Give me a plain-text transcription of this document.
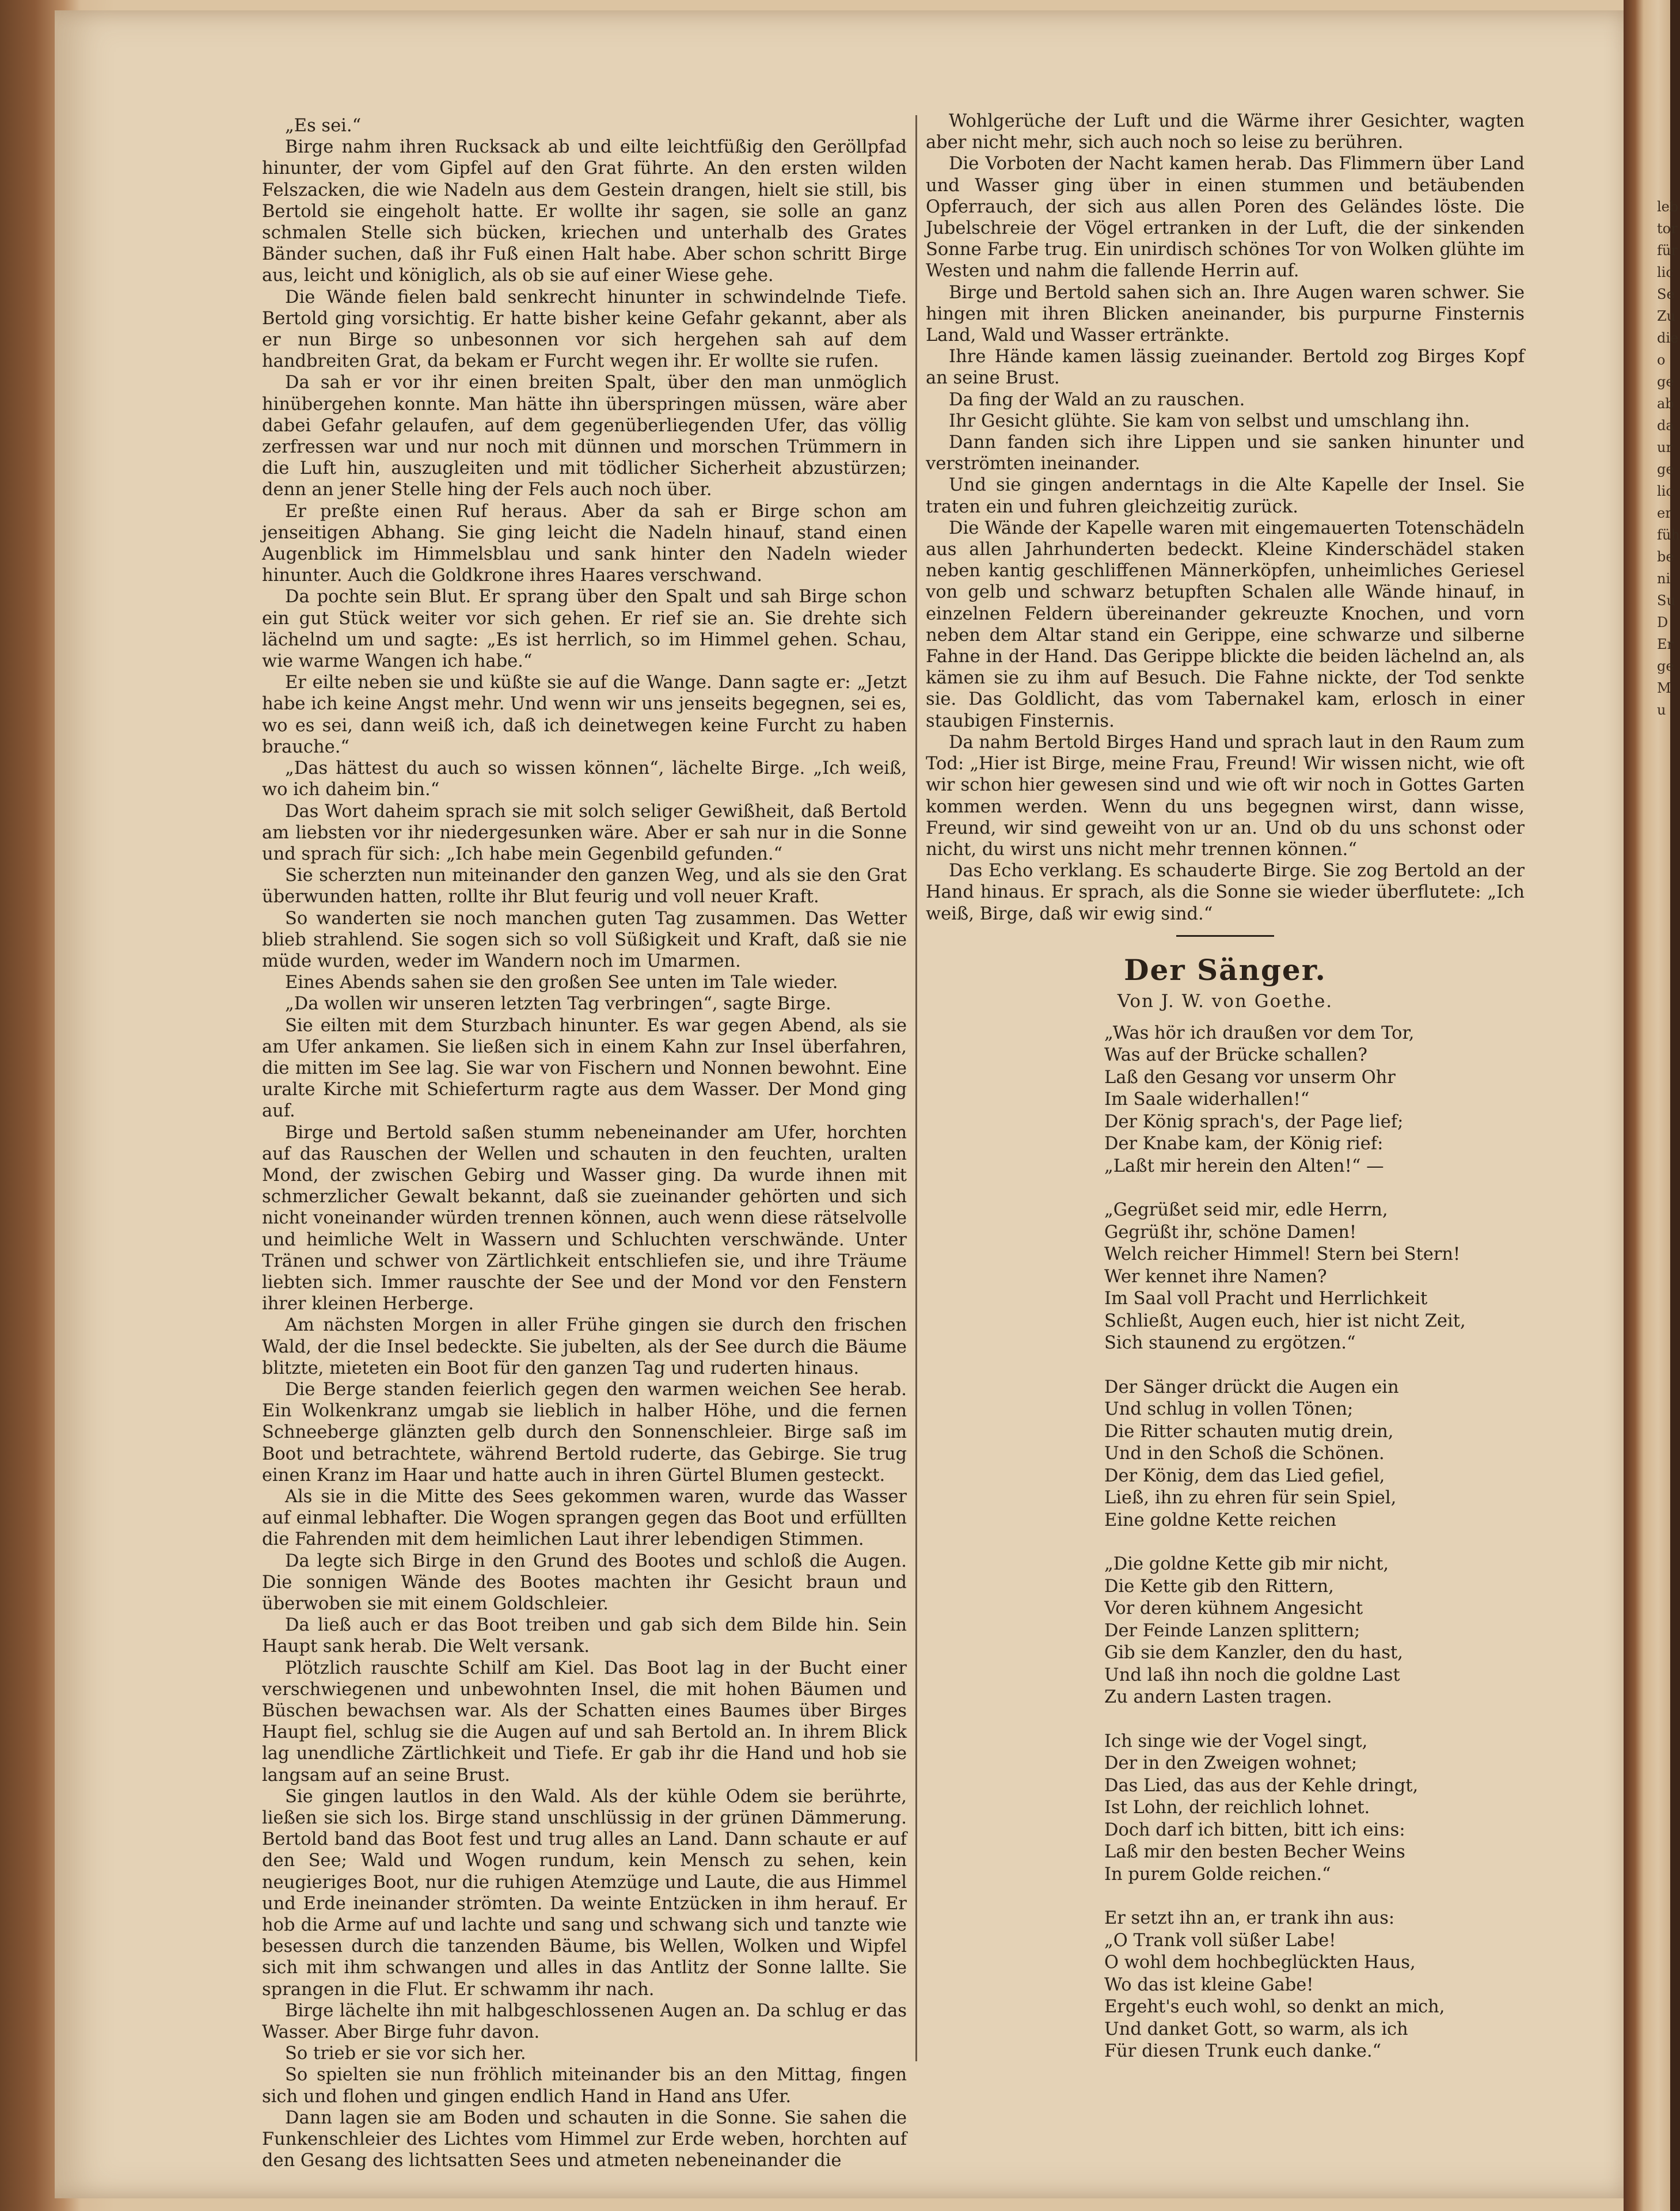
leb
tor
für
lic
Se
Zu
die
o
ge
ab
da
ur
ge
lic
er
füh
be
ni
Su
D
Er
ge
M
u

„Es sei.“

Birge nahm ihren Rucksack ab und eilte leichtfüßig den Geröllpfad hinunter, der vom Gipfel auf den Grat führte. An den ersten wilden Felszacken, die wie Nadeln aus dem Gestein drangen, hielt sie still, bis Bertold sie eingeholt hatte. Er wollte ihr sagen, sie solle an ganz schmalen Stelle sich bücken, kriechen und unterhalb des Grates Bänder suchen, daß ihr Fuß einen Halt habe. Aber schon schritt Birge aus, leicht und königlich, als ob sie auf einer Wiese gehe.

Die Wände fielen bald senkrecht hinunter in schwindelnde Tiefe. Bertold ging vorsichtig. Er hatte bisher keine Gefahr gekannt, aber als er nun Birge so unbesonnen vor sich hergehen sah auf dem handbreiten Grat, da bekam er Furcht wegen ihr. Er wollte sie rufen.

Da sah er vor ihr einen breiten Spalt, über den man unmöglich hinübergehen konnte. Man hätte ihn überspringen müssen, wäre aber dabei Gefahr gelaufen, auf dem gegenüberliegenden Ufer, das völlig zerfressen war und nur noch mit dünnen und morschen Trümmern in die Luft hin, auszugleiten und mit tödlicher Sicherheit abzustürzen; denn an jener Stelle hing der Fels auch noch über.

Er preßte einen Ruf heraus. Aber da sah er Birge schon am jenseitigen Abhang. Sie ging leicht die Nadeln hinauf, stand einen Augenblick im Himmelsblau und sank hinter den Nadeln wieder hinunter. Auch die Goldkrone ihres Haares verschwand.

Da pochte sein Blut. Er sprang über den Spalt und sah Birge schon ein gut Stück weiter vor sich gehen. Er rief sie an. Sie drehte sich lächelnd um und sagte: „Es ist herrlich, so im Himmel gehen. Schau, wie warme Wangen ich habe.“

Er eilte neben sie und küßte sie auf die Wange. Dann sagte er: „Jetzt habe ich keine Angst mehr. Und wenn wir uns jenseits begegnen, sei es, wo es sei, dann weiß ich, daß ich deinetwegen keine Furcht zu haben brauche.“

„Das hättest du auch so wissen können“, lächelte Birge. „Ich weiß, wo ich daheim bin.“

Das Wort daheim sprach sie mit solch seliger Gewißheit, daß Bertold am liebsten vor ihr niedergesunken wäre. Aber er sah nur in die Sonne und sprach für sich: „Ich habe mein Gegenbild gefunden.“

Sie scherzten nun miteinander den ganzen Weg, und als sie den Grat überwunden hatten, rollte ihr Blut feurig und voll neuer Kraft.

So wanderten sie noch manchen guten Tag zusammen. Das Wetter blieb strahlend. Sie sogen sich so voll Süßigkeit und Kraft, daß sie nie müde wurden, weder im Wandern noch im Umarmen.

Eines Abends sahen sie den großen See unten im Tale wieder.

„Da wollen wir unseren letzten Tag verbringen“, sagte Birge.

Sie eilten mit dem Sturzbach hinunter. Es war gegen Abend, als sie am Ufer ankamen. Sie ließen sich in einem Kahn zur Insel überfahren, die mitten im See lag. Sie war von Fischern und Nonnen bewohnt. Eine uralte Kirche mit Schieferturm ragte aus dem Wasser. Der Mond ging auf.

Birge und Bertold saßen stumm nebeneinander am Ufer, horchten auf das Rauschen der Wellen und schauten in den feuchten, uralten Mond, der zwischen Gebirg und Wasser ging. Da wurde ihnen mit schmerzlicher Gewalt bekannt, daß sie zueinander gehörten und sich nicht voneinander würden trennen können, auch wenn diese rätselvolle und heimliche Welt in Wassern und Schluchten verschwände. Unter Tränen und schwer von Zärtlichkeit entschliefen sie, und ihre Träume liebten sich. Immer rauschte der See und der Mond vor den Fenstern ihrer kleinen Herberge.

Am nächsten Morgen in aller Frühe gingen sie durch den frischen Wald, der die Insel bedeckte. Sie jubelten, als der See durch die Bäume blitzte, mieteten ein Boot für den ganzen Tag und ruderten hinaus.

Die Berge standen feierlich gegen den warmen weichen See herab. Ein Wolkenkranz umgab sie lieblich in halber Höhe, und die fernen Schneeberge glänzten gelb durch den Sonnenschleier. Birge saß im Boot und betrachtete, während Bertold ruderte, das Gebirge. Sie trug einen Kranz im Haar und hatte auch in ihren Gürtel Blumen gesteckt.

Als sie in die Mitte des Sees gekommen waren, wurde das Wasser auf einmal lebhafter. Die Wogen sprangen gegen das Boot und erfüllten die Fahrenden mit dem heimlichen Laut ihrer lebendigen Stimmen.

Da legte sich Birge in den Grund des Bootes und schloß die Augen. Die sonnigen Wände des Bootes machten ihr Gesicht braun und überwoben sie mit einem Goldschleier.

Da ließ auch er das Boot treiben und gab sich dem Bilde hin. Sein Haupt sank herab. Die Welt versank.

Plötzlich rauschte Schilf am Kiel. Das Boot lag in der Bucht einer verschwiegenen und unbewohnten Insel, die mit hohen Bäumen und Büschen bewachsen war. Als der Schatten eines Baumes über Birges Haupt fiel, schlug sie die Augen auf und sah Bertold an. In ihrem Blick lag unendliche Zärtlichkeit und Tiefe. Er gab ihr die Hand und hob sie langsam auf an seine Brust.

Sie gingen lautlos in den Wald. Als der kühle Odem sie berührte, ließen sie sich los. Birge stand unschlüssig in der grünen Dämmerung. Bertold band das Boot fest und trug alles an Land. Dann schaute er auf den See; Wald und Wogen rundum, kein Mensch zu sehen, kein neugieriges Boot, nur die ruhigen Atemzüge und Laute, die aus Himmel und Erde ineinander strömten. Da weinte Entzücken in ihm herauf. Er hob die Arme auf und lachte und sang und schwang sich und tanzte wie besessen durch die tanzenden Bäume, bis Wellen, Wolken und Wipfel sich mit ihm schwangen und alles in das Antlitz der Sonne lallte. Sie sprangen in die Flut. Er schwamm ihr nach.

Birge lächelte ihn mit halbgeschlossenen Augen an. Da schlug er das Wasser. Aber Birge fuhr davon.

So trieb er sie vor sich her.

So spielten sie nun fröhlich miteinander bis an den Mittag, fingen sich und flohen und gingen endlich Hand in Hand ans Ufer.

Dann lagen sie am Boden und schauten in die Sonne. Sie sahen die Funkenschleier des Lichtes vom Himmel zur Erde weben, horchten auf den Gesang des lichtsatten Sees und atmeten nebeneinander die

Wohlgerüche der Luft und die Wärme ihrer Gesichter, wagten aber nicht mehr, sich auch noch so leise zu berühren.

Die Vorboten der Nacht kamen herab. Das Flimmern über Land und Wasser ging über in einen stummen und betäubenden Opferrauch, der sich aus allen Poren des Geländes löste. Die Jubelschreie der Vögel ertranken in der Luft, die der sinkenden Sonne Farbe trug. Ein unirdisch schönes Tor von Wolken glühte im Westen und nahm die fallende Herrin auf.

Birge und Bertold sahen sich an. Ihre Augen waren schwer. Sie hingen mit ihren Blicken aneinander, bis purpurne Finsternis Land, Wald und Wasser ertränkte.

Ihre Hände kamen lässig zueinander. Bertold zog Birges Kopf an seine Brust.

Da fing der Wald an zu rauschen.

Ihr Gesicht glühte. Sie kam von selbst und umschlang ihn.

Dann fanden sich ihre Lippen und sie sanken hinunter und verströmten ineinander.

Und sie gingen anderntags in die Alte Kapelle der Insel. Sie traten ein und fuhren gleichzeitig zurück.

Die Wände der Kapelle waren mit eingemauerten Totenschädeln aus allen Jahrhunderten bedeckt. Kleine Kinderschädel staken neben kantig geschliffenen Männerköpfen, unheimliches Geriesel von gelb und schwarz betupften Schalen alle Wände hinauf, in einzelnen Feldern übereinander gekreuzte Knochen, und vorn neben dem Altar stand ein Gerippe, eine schwarze und silberne Fahne in der Hand. Das Gerippe blickte die beiden lächelnd an, als kämen sie zu ihm auf Besuch. Die Fahne nickte, der Tod senkte sie. Das Goldlicht, das vom Tabernakel kam, erlosch in einer staubigen Finsternis.

Da nahm Bertold Birges Hand und sprach laut in den Raum zum Tod: „Hier ist Birge, meine Frau, Freund! Wir wissen nicht, wie oft wir schon hier gewesen sind und wie oft wir noch in Gottes Garten kommen werden. Wenn du uns begegnen wirst, dann wisse, Freund, wir sind geweiht von ur an. Und ob du uns schonst oder nicht, du wirst uns nicht mehr trennen können.“

Das Echo verklang. Es schauderte Birge. Sie zog Bertold an der Hand hinaus. Er sprach, als die Sonne sie wieder überflutete: „Ich weiß, Birge, daß wir ewig sind.“

Der Sänger.
Von J. W. von Goethe.
„Was hör ich draußen vor dem Tor,
Was auf der Brücke schallen?
Laß den Gesang vor unserm Ohr
Im Saale widerhallen!“
Der König sprach's, der Page lief;
Der Knabe kam, der König rief:
„Laßt mir herein den Alten!“ —
„Gegrüßet seid mir, edle Herrn,
Gegrüßt ihr, schöne Damen!
Welch reicher Himmel! Stern bei Stern!
Wer kennet ihre Namen?
Im Saal voll Pracht und Herrlichkeit
Schließt, Augen euch, hier ist nicht Zeit,
Sich staunend zu ergötzen.“
Der Sänger drückt die Augen ein
Und schlug in vollen Tönen;
Die Ritter schauten mutig drein,
Und in den Schoß die Schönen.
Der König, dem das Lied gefiel,
Ließ, ihn zu ehren für sein Spiel,
Eine goldne Kette reichen
„Die goldne Kette gib mir nicht,
Die Kette gib den Rittern,
Vor deren kühnem Angesicht
Der Feinde Lanzen splittern;
Gib sie dem Kanzler, den du hast,
Und laß ihn noch die goldne Last
Zu andern Lasten tragen.
Ich singe wie der Vogel singt,
Der in den Zweigen wohnet;
Das Lied, das aus der Kehle dringt,
Ist Lohn, der reichlich lohnet.
Doch darf ich bitten, bitt ich eins:
Laß mir den besten Becher Weins
In purem Golde reichen.“
Er setzt ihn an, er trank ihn aus:
„O Trank voll süßer Labe!
O wohl dem hochbeglückten Haus,
Wo das ist kleine Gabe!
Ergeht's euch wohl, so denkt an mich,
Und danket Gott, so warm, als ich
Für diesen Trunk euch danke.“
